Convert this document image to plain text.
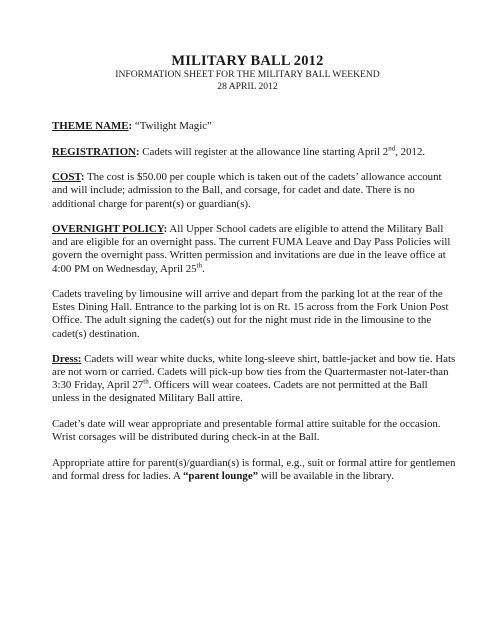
MILITARY BALL 2012
INFORMATION SHEET FOR THE MILITARY BALL WEEKEND
28 APRIL 2012

THEME NAME: “Twilight Magic”

REGISTRATION: Cadets will register at the allowance line starting April 2nd, 2012.

COST: The cost is $50.00 per couple which is taken out of the cadets’ allowance account and will include; admission to the Ball, and corsage, for cadet and date. There is no additional charge for parent(s) or guardian(s).

OVERNIGHT POLICY: All Upper School cadets are eligible to attend the Military Ball and are eligible for an overnight pass. The current FUMA Leave and Day Pass Policies will govern the overnight pass. Written permission and invitations are due in the leave office at 4:00 PM on Wednesday, April 25th.

Cadets traveling by limousine will arrive and depart from the parking lot at the rear of the Estes Dining Hall. Entrance to the parking lot is on Rt. 15 across from the Fork Union Post Office. The adult signing the cadet(s) out for the night must ride in the limousine to the cadet(s) destination.

Dress: Cadets will wear white ducks, white long-sleeve shirt, battle-jacket and bow tie. Hats are not worn or carried. Cadets will pick-up bow ties from the Quartermaster not-later-than 3:30 Friday, April 27th. Officers will wear coatees. Cadets are not permitted at the Ball unless in the designated Military Ball attire.

Cadet’s date will wear appropriate and presentable formal attire suitable for the occasion. Wrist corsages will be distributed during check-in at the Ball.

Appropriate attire for parent(s)/guardian(s) is formal, e.g., suit or formal attire for gentlemen and formal dress for ladies. A “parent lounge” will be available in the library.
